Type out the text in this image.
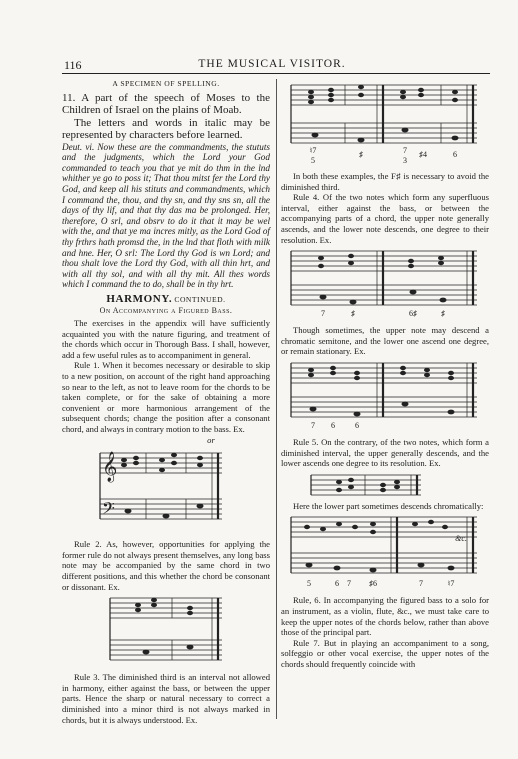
116	THE MUSICAL VISITOR.

A SPECIMEN OF SPELLING.

11. A part of the speech of Moses to the Children of Israel on the plains of Moab.

The letters and words in italic may be represented by characters before learned.

Deut. vi. Now these are the commandments, the stututs and the judgments, which the Lord your God commanded to teach you that ye mit do thm in the lnd whither ye go to poss it; That thou mitst fer the Lord thy God, and keep all his stituts and commandments, which I command the, thou, and thy sn, and thy sns sn, all the days of thy lif, and that thy das ma be prolonged. Her, therefore, O srl, and obsrv to do it that it may be wel with the, and that ye ma incres mitly, as the Lord God of thy frthrs hath promsd the, in the lnd that floth with milk and hne. Her, O srl: The Lord thy God is wn Lord; and thou shalt love the Lord thy God, with all thin hrt, and with all thy sol, and with all thy mit. All thes words which I command the to do, shall be in thy hrt.

HARMONY. CONTINUED.

On Accompanying a Figured Bass.

The exercises in the appendix will have sufficiently acquainted you with the nature figuring, and treatment of the chords which occur in Thorough Bass. I shall, however, add a few useful rules as to accompaniment in general.

Rule 1. When it becomes necessary or desirable to skip to a new position, on account of the right hand approaching so near to the left, as not to leave room for the chords to be taken complete, or for the sake of obtaining a more convenient or more harmonious arrangement of the subsequent chords; change the position after a consonant chord, and always in contrary motion to the bass. Ex.

or

𝄞
𝄢

Rule 2. As, however, opportunities for applying the former rule do not always present themselves, any long bass note may be accompanied by the same chord in two different positions, and this whether the chord be consonant or dissonant. Ex.

Rule 3. The diminished third is an interval not allowed in harmony, either against the bass, or between the upper parts. Hence the sharp or natural necessary to correct a diminished into a minor third is not always marked in chords, but it is always understood. Ex.

♮7
5
♯	7
3
♯4	6

In both these examples, the F♯ is necessary to avoid the diminished third.

Rule 4. Of the two notes which form any superfluous interval, either against the bass, or between the accompanying parts of a chord, the upper note generally ascends, and the lower note descends, one degree to their resolution. Ex.

7	♯	6♯	♯

Though sometimes, the upper note may descend a chromatic semitone, and the lower one ascend one degree, or remain stationary. Ex.

7 6	6

Rule 5. On the contrary, of the two notes, which form a diminished interval, the upper generally descends, and the lower ascends one degree to its resolution. Ex.

Here the lower part sometimes descends chromatically:

&c.
5	6 7 ♯6	7	♮7

Rule, 6. In accompanying the figured bass to a solo for an instrument, as a violin, flute, &c., we must take care to keep the upper notes of the chords below, rather than above those of the principal part.

Rule 7. But in playing an accompaniment to a song, solfeggio or other vocal exercise, the upper notes of the chords should frequently coincide with
